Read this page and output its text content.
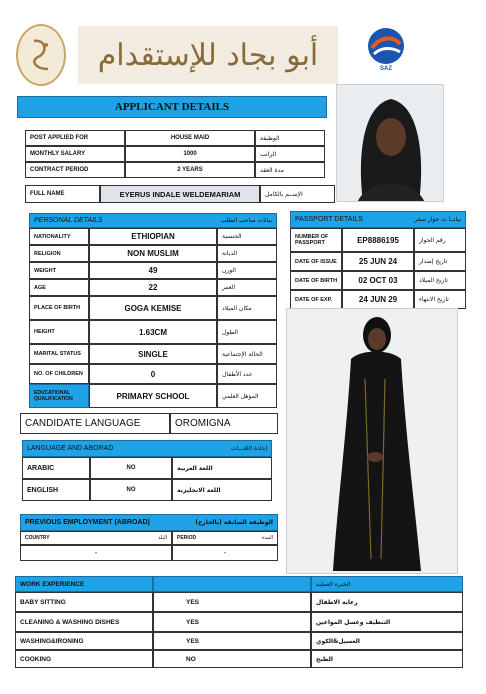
أبو بجاد للإستقدام	SAZ
APPLICANT DETAILS
POST APPLIED FOR	HOUSE MAID	الوظيفة
MONTHLY SALARY	1000	الراتب
CONTRACT PERIOD	2 YEARS	مدة العقد
FULL NAME	EYERUS INDALE WELDEMARIAM	الإســم بالكامل
PERSONAL DETAILS	بيانات صاحب الطلب
NATIONALITY	ETHIOPIAN	الجنسية
RELIGION	NON MUSLIM	الديانة
WEIGHT	49	الوزن
AGE	22	العمر
PLACE OF BIRTH	GOGA KEMISE	مكان الميلاد
HEIGHT	1.63CM	الطول
MARITAL STATUS	SINGLE	الحالة الإجتماعية
NO. OF CHILDREN	0	عدد الأطفال
EDUCATIONAL QUALIFICATION	PRIMARY SCHOOL	المؤهل العلمي
PASSPORT DETAILS	بيانــا ت جواز سفر
NUMBER OF PASSPORT	EP8886195	رقم الجواز
DATE OF ISSUE	25 JUN 24	تاريخ إصدار
DATE OF BIRTH	02 OCT 03	تاريخ الميلاد
DATE OF EXP.	24 JUN 29	تاريخ الانتهاء
CANDIDATE LANGUAGE	OROMIGNA
LANGUAGE AND ABORAD	إجادة اللغـــات
ARABIC	NO	اللغة العربية
ENGLISH	NO	اللغة الانجليزية
PREVIOUS EMPLOYMENT (ABROAD)	الوظيفة السابقة (بالخارج)
COUNTRY	البلد PERIOD	المدة
-	-
WORK EXPERIENCE	الخبره العملية
BABY SITTING	YES	رعاية الاطفال
CLEANING & WASHING DISHES	YES	التنظيف وغسل المواعين
WASHING&IRONING	YES	الغسيل&الكوي
COOKING	NO	الطبخ
